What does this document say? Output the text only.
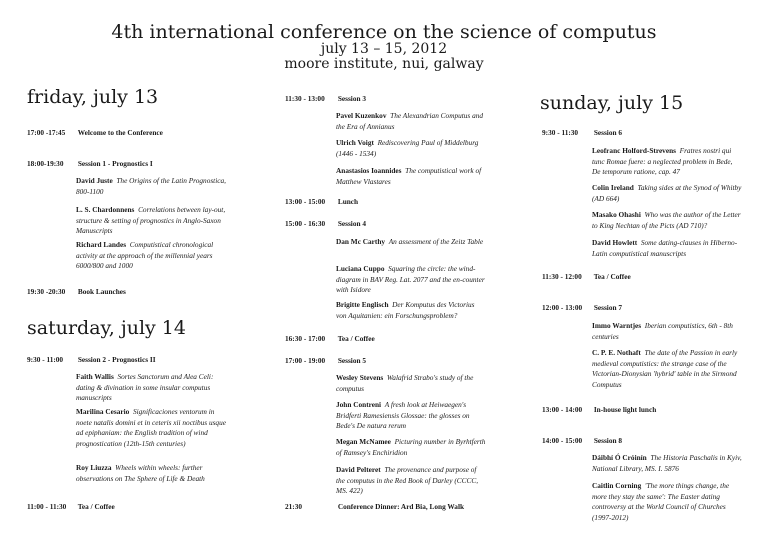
4th international conference on the science of computus
july 13 – 15, 2012
moore institute, nui, galway
friday, july 13
17:00 -17:45 Welcome to the Conference
18:00-19:30 Session 1 - Prognostics I
David Juste The Origins of the Latin Prognostica, 800-1100
L. S. Chardonnens Correlations between lay-out, structure & setting of prognostics in Anglo-Saxon Manuscripts
Richard Landes Computistical chronological activity at the approach of the millennial years 6000/800 and 1000
19:30 -20:30 Book Launches
saturday, july 14
9:30 - 11:00 Session 2 - Prognostics II
Faith Wallis Sortes Sanctorum and Alea Celi: dating & divination in some insular computus manuscripts
Marilina Cesario Significaciones ventorum in noete natalis domini et in ceteris xii noctibus usque ad epiphaniam: the English tradition of wind prognostication (12th-15th centuries)
Roy Liuzza Wheels within wheels: further observations on The Sphere of Life & Death
11:00 - 11:30 Tea / Coffee
11:30 - 13:00 Session 3
Pavel Kuzenkov The Alexandrian Computus and the Era of Annianus
Ulrich Voigt Rediscovering Paul of Middelburg (1446 - 1534)
Anastasios Ioannides The computistical work of Matthew Vlastares
13:00 - 15:00 Lunch
15:00 - 16:30 Session 4
Dan Mc Carthy An assessment of the Zeitz Table
Luciana Cuppo Squaring the circle: the wind-diagram in BAV Reg. Lat. 2077 and the en-counter with Isidore
Brigitte Englisch Der Komputus des Victorius von Aquitanien: ein Forschungsproblem?
16:30 - 17:00 Tea / Coffee
17:00 - 19:00 Session 5
Wesley Stevens Walafrid Strabo's study of the computus
John Contreni A fresh look at Heiwaegen's Bridferti Ramesiensis Glossae: the glosses on Bede's De natura rerum
Megan McNamee Picturing number in Byrhtferth of Ramsey's Enchiridion
David Pelteret The provenance and purpose of the computus in the Red Book of Darley (CCCC, MS. 422)
21:30	Conference Dinner: Ard Bia, Long Walk
sunday, july 15
9:30 - 11:30 Session 6
Leofranc Holford-Strevens Fratres nostri qui tunc Romae fuere: a neglected problem in Bede, De temporum ratione, cap. 47
Colin Ireland Taking sides at the Synod of Whitby (AD 664)
Masako Ohashi Who was the author of the Letter to King Nechtan of the Picts (AD 710)?
David Howlett Some dating-clauses in Hiberno-Latin computistical manuscripts
11:30 - 12:00 Tea / Coffee
12:00 - 13:00 Session 7
Immo Warntjes Iberian computistics, 6th - 8th centuries
C. P. E. Nothaft The date of the Passion in early medieval computistics: the strange case of the Victorian-Dionysian 'hybrid' table in the Sirmond Computus
13:00 - 14:00 In-house light lunch
14:00 - 15:00 Session 8
Dáibhí Ó Cróinín The Historia Paschalis in Kyiv, National Library, MS. I. 5876
Caitlin Corning 'The more things change, the more they stay the same': The Easter dating controversy at the World Council of Churches (1997-2012)
